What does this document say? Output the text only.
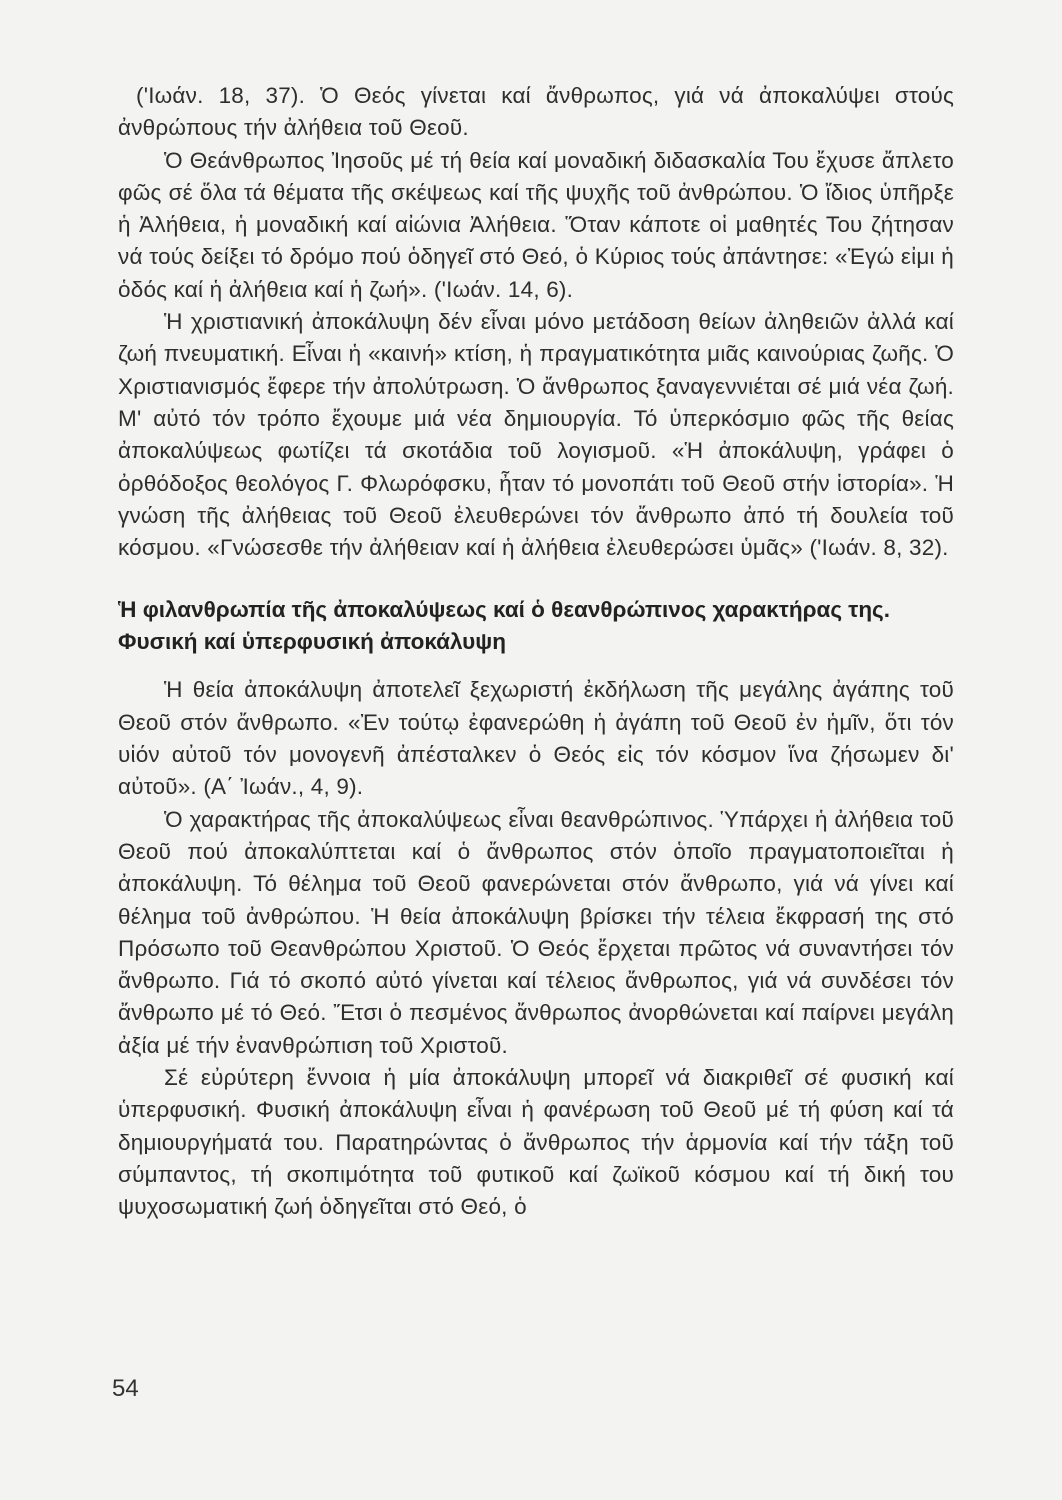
('Ιωάν. 18, 37). Ὁ Θεός γίνεται καί ἄνθρωπος, γιά νά ἀποκαλύψει στούς ἀνθρώπους τήν ἀλήθεια τοῦ Θεοῦ.

Ὁ Θεάνθρωπος Ἰησοῦς μέ τή θεία καί μοναδική διδασκαλία Του ἔχυσε ἄπλετο φῶς σέ ὅλα τά θέματα τῆς σκέψεως καί τῆς ψυχῆς τοῦ ἀνθρώπου. Ὁ ἴδιος ὑπῆρξε ἡ Ἀλήθεια, ἡ μοναδική καί αἰώνια Ἀλήθεια. Ὅταν κάποτε οἱ μαθητές Του ζήτησαν νά τούς δείξει τό δρόμο πού ὁδηγεῖ στό Θεό, ὁ Κύριος τούς ἀπάντησε: «Ἐγώ εἰμι ἡ ὁδός καί ἡ ἀλήθεια καί ἡ ζωή». ('Ιωάν. 14, 6).

Ἡ χριστιανική ἀποκάλυψη δέν εἶναι μόνο μετάδοση θείων ἀληθειῶν ἀλλά καί ζωή πνευματική. Εἶναι ἡ «καινή» κτίση, ἡ πραγματικότητα μιᾶς καινούριας ζωῆς. Ὁ Χριστιανισμός ἔφερε τήν ἀπολύτρωση. Ὁ ἄνθρωπος ξαναγεννιέται σέ μιά νέα ζωή. Μ' αὐτό τόν τρόπο ἔχουμε μιά νέα δημιουργία. Τό ὑπερκόσμιο φῶς τῆς θείας ἀποκαλύψεως φωτίζει τά σκοτάδια τοῦ λογισμοῦ. «Ἡ ἀποκάλυψη, γράφει ὁ ὀρθόδοξος θεολόγος Γ. Φλωρόφσκυ, ἦταν τό μονοπάτι τοῦ Θεοῦ στήν ἱστορία». Ἡ γνώση τῆς ἀλήθειας τοῦ Θεοῦ ἐλευθερώνει τόν ἄνθρωπο ἀπό τή δουλεία τοῦ κόσμου. «Γνώσεσθε τήν ἀλήθειαν καί ἡ ἀλήθεια ἐλευθερώσει ὑμᾶς» ('Ιωάν. 8, 32).

Ἡ φιλανθρωπία τῆς ἀποκαλύψεως καί ὁ θεανθρώπινος χαρακτήρας της.

Φυσική καί ὑπερφυσική ἀποκάλυψη

Ἡ θεία ἀποκάλυψη ἀποτελεῖ ξεχωριστή ἐκδήλωση τῆς μεγάλης ἀγάπης τοῦ Θεοῦ στόν ἄνθρωπο. «Ἐν τούτῳ ἐφανερώθη ἡ ἀγάπη τοῦ Θεοῦ ἐν ἡμῖν, ὅτι τόν υἱόν αὐτοῦ τόν μονογενῆ ἀπέσταλκεν ὁ Θεός εἰς τόν κόσμον ἵνα ζήσωμεν δι' αὐτοῦ». (Α΄ Ἰωάν., 4, 9).

Ὁ χαρακτήρας τῆς ἀποκαλύψεως εἶναι θεανθρώπινος. Ὑπάρχει ἡ ἀλήθεια τοῦ Θεοῦ πού ἀποκαλύπτεται καί ὁ ἄνθρωπος στόν ὁποῖο πραγματοποιεῖται ἡ ἀποκάλυψη. Τό θέλημα τοῦ Θεοῦ φανερώνεται στόν ἄνθρωπο, γιά νά γίνει καί θέλημα τοῦ ἀνθρώπου. Ἡ θεία ἀποκάλυψη βρίσκει τήν τέλεια ἔκφρασή της στό Πρόσωπο τοῦ Θεανθρώπου Χριστοῦ. Ὁ Θεός ἔρχεται πρῶτος νά συναντήσει τόν ἄνθρωπο. Γιά τό σκοπό αὐτό γίνεται καί τέλειος ἄνθρωπος, γιά νά συνδέσει τόν ἄνθρωπο μέ τό Θεό. Ἔτσι ὁ πεσμένος ἄνθρωπος ἀνορθώνεται καί παίρνει μεγάλη ἀξία μέ τήν ἐνανθρώπιση τοῦ Χριστοῦ.

Σέ εὐρύτερη ἔννοια ἡ μία ἀποκάλυψη μπορεῖ νά διακριθεῖ σέ φυσική καί ὑπερφυσική. Φυσική ἀποκάλυψη εἶναι ἡ φανέρωση τοῦ Θεοῦ μέ τή φύση καί τά δημιουργήματά του. Παρατηρώντας ὁ ἄνθρωπος τήν ἁρμονία καί τήν τάξη τοῦ σύμπαντος, τή σκοπιμότητα τοῦ φυτικοῦ καί ζωϊκοῦ κόσμου καί τή δική του ψυχοσωματική ζωή ὁδηγεῖται στό Θεό, ὁ

54
